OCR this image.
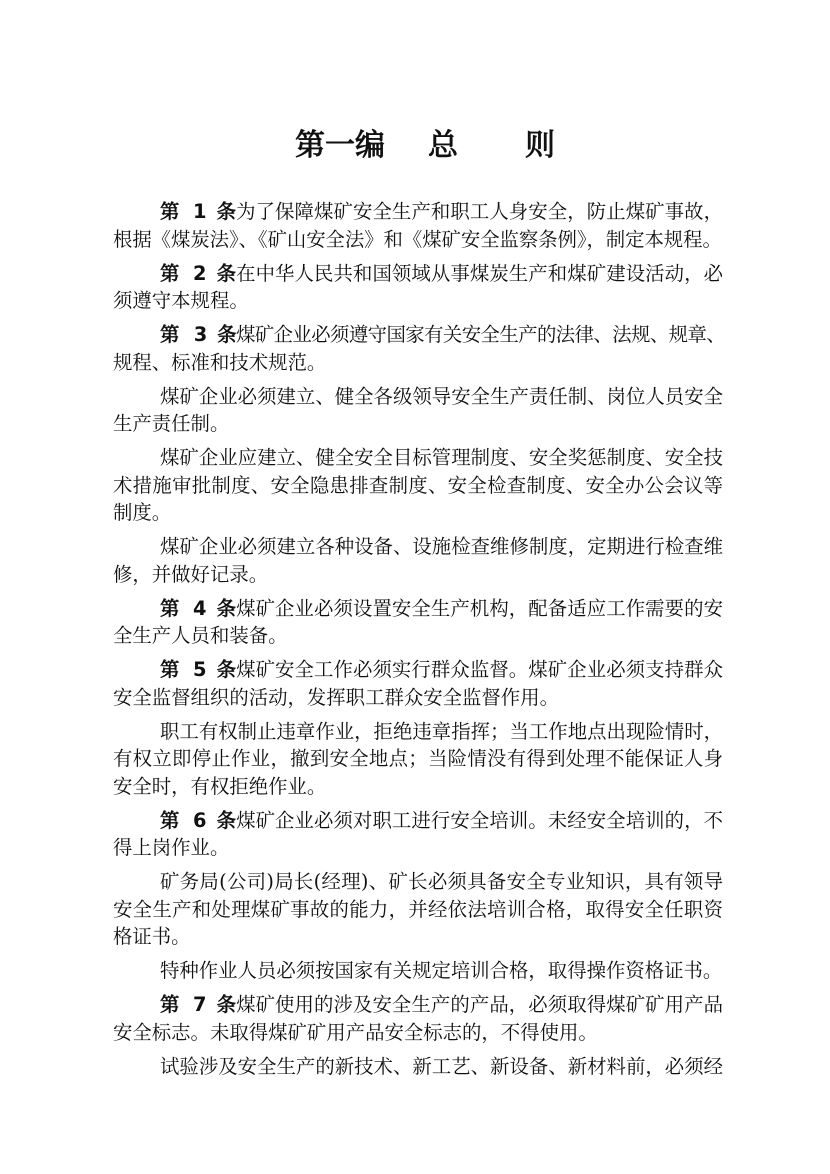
第一编 总 则

第 1 条为了保障煤矿安全生产和职工人身安全，防止煤矿事故，
根据《煤炭法》、《矿山安全法》和《煤矿安全监察条例》，制定本规程。

第 2 条在中华人民共和国领域从事煤炭生产和煤矿建设活动，必
须遵守本规程。

第 3 条煤矿企业必须遵守国家有关安全生产的法律、法规、规章、
规程、标准和技术规范。

煤矿企业必须建立、健全各级领导安全生产责任制、岗位人员安全
生产责任制。

煤矿企业应建立、健全安全目标管理制度、安全奖惩制度、安全技
术措施审批制度、安全隐患排查制度、安全检查制度、安全办公会议等
制度。

煤矿企业必须建立各种设备、设施检查维修制度，定期进行检查维
修，并做好记录。

第 4 条煤矿企业必须设置安全生产机构，配备适应工作需要的安
全生产人员和装备。

第 5 条煤矿安全工作必须实行群众监督。煤矿企业必须支持群众
安全监督组织的活动，发挥职工群众安全监督作用。

职工有权制止违章作业，拒绝违章指挥；当工作地点出现险情时，
有权立即停止作业，撤到安全地点；当险情没有得到处理不能保证人身
安全时，有权拒绝作业。

第 6 条煤矿企业必须对职工进行安全培训。未经安全培训的，不
得上岗作业。

矿务局(公司)局长(经理)、矿长必须具备安全专业知识，具有领导
安全生产和处理煤矿事故的能力，并经依法培训合格，取得安全任职资
格证书。

特种作业人员必须按国家有关规定培训合格，取得操作资格证书。

第 7 条煤矿使用的涉及安全生产的产品，必须取得煤矿矿用产品
安全标志。未取得煤矿矿用产品安全标志的，不得使用。

试验涉及安全生产的新技术、新工艺、新设备、新材料前，必须经
